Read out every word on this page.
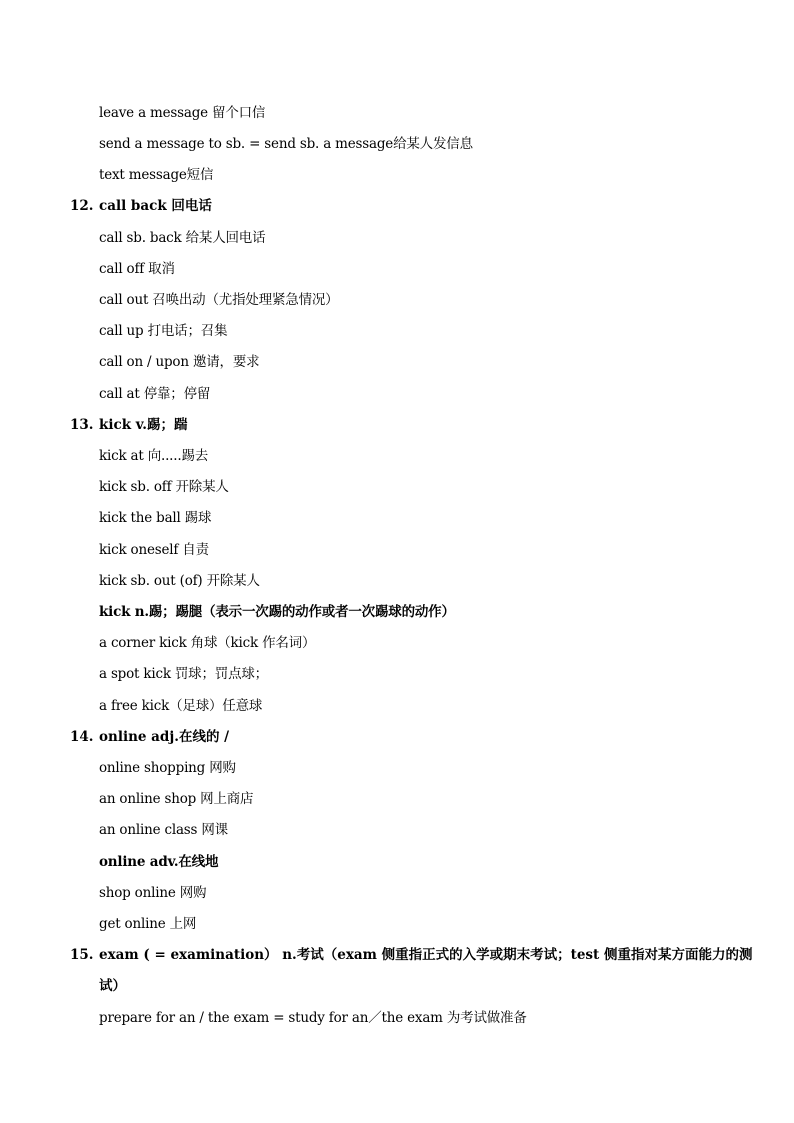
leave a message 留个口信
send a message to sb. = send sb. a message给某人发信息
text message短信
12. call back 回电话
call sb. back 给某人回电话
call off 取消
call out 召唤出动（尤指处理紧急情况）
call up 打电话；召集
call on / upon 邀请，要求
call at 停靠；停留
13. kick v.踢；踹
kick at 向.....踢去
kick sb. off 开除某人
kick the ball 踢球
kick oneself 自责
kick sb. out (of) 开除某人
kick n.踢；踢腿（表示一次踢的动作或者一次踢球的动作）
a corner kick 角球（kick 作名词）
a spot kick 罚球；罚点球；
a free kick（足球）任意球
14. online adj.在线的 /
online shopping 网购
an online shop 网上商店
an online class 网课
online adv.在线地
shop online 网购
get online 上网
15. exam ( = examination） n.考试（exam 侧重指正式的入学或期末考试；test 侧重指对某方面能力的测
试）
prepare for an / the exam = study for an／the exam 为考试做准备
